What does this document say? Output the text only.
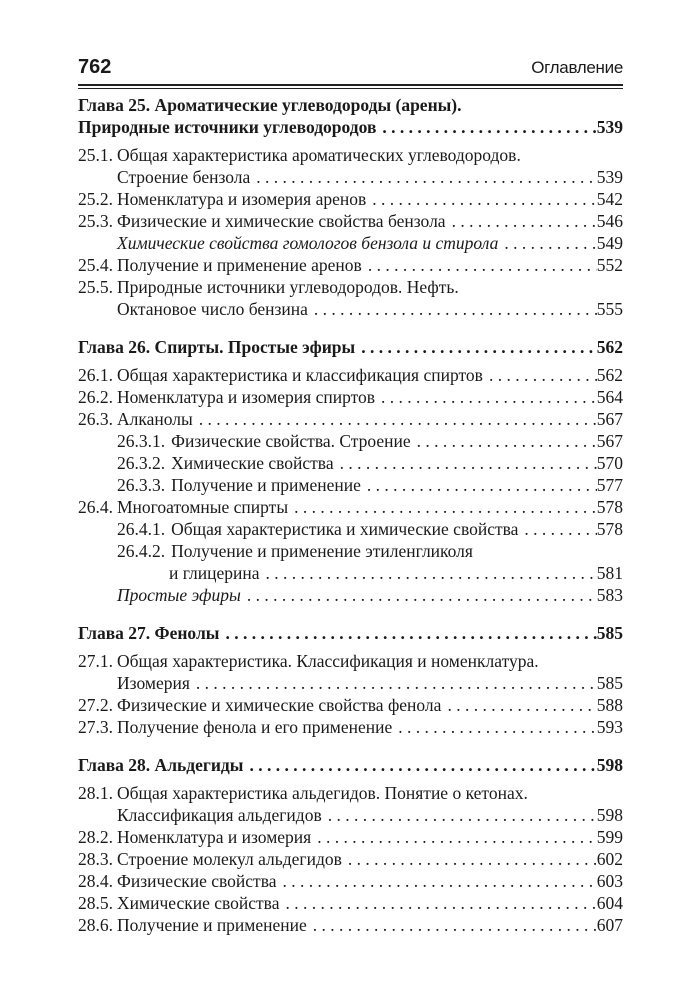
762	Оглавление
Глава 25. Ароматические углеводороды (арены).
Природные источники углеводородов . . .	539
25.1. Общая характеристика ароматических углеводородов.
Строение бензола . . .	539
25.2. Номенклатура и изомерия аренов . . .	542
25.3. Физические и химические свойства бензола . . .	546
Химические свойства гомологов бензола и стирола . . .	549
25.4. Получение и применение аренов . . .	552
25.5. Природные источники углеводородов. Нефть.
Октановое число бензина . . .	555
Глава 26. Спирты. Простые эфиры . . .	562
26.1. Общая характеристика и классификация спиртов . . .	562
26.2. Номенклатура и изомерия спиртов . . .	564
26.3. Алканолы . . .	567
26.3.1. Физические свойства. Строение . . .	567
26.3.2. Химические свойства . . .	570
26.3.3. Получение и применение . . .	577
26.4. Многоатомные спирты . . .	578
26.4.1. Общая характеристика и химические свойства . . .	578
26.4.2. Получение и применение этиленгликоля
и глицерина . . .	581
Простые эфиры . . .	583
Глава 27. Фенолы . . .	585
27.1. Общая характеристика. Классификация и номенклатура.
Изомерия . . .	585
27.2. Физические и химические свойства фенола . . .	588
27.3. Получение фенола и его применение . . .	593
Глава 28. Альдегиды . . .	598
28.1. Общая характеристика альдегидов. Понятие о кетонах.
Классификация альдегидов . . .	598
28.2. Номенклатура и изомерия . . .	599
28.3. Строение молекул альдегидов . . .	602
28.4. Физические свойства . . .	603
28.5. Химические свойства . . .	604
28.6. Получение и применение . . .	607
